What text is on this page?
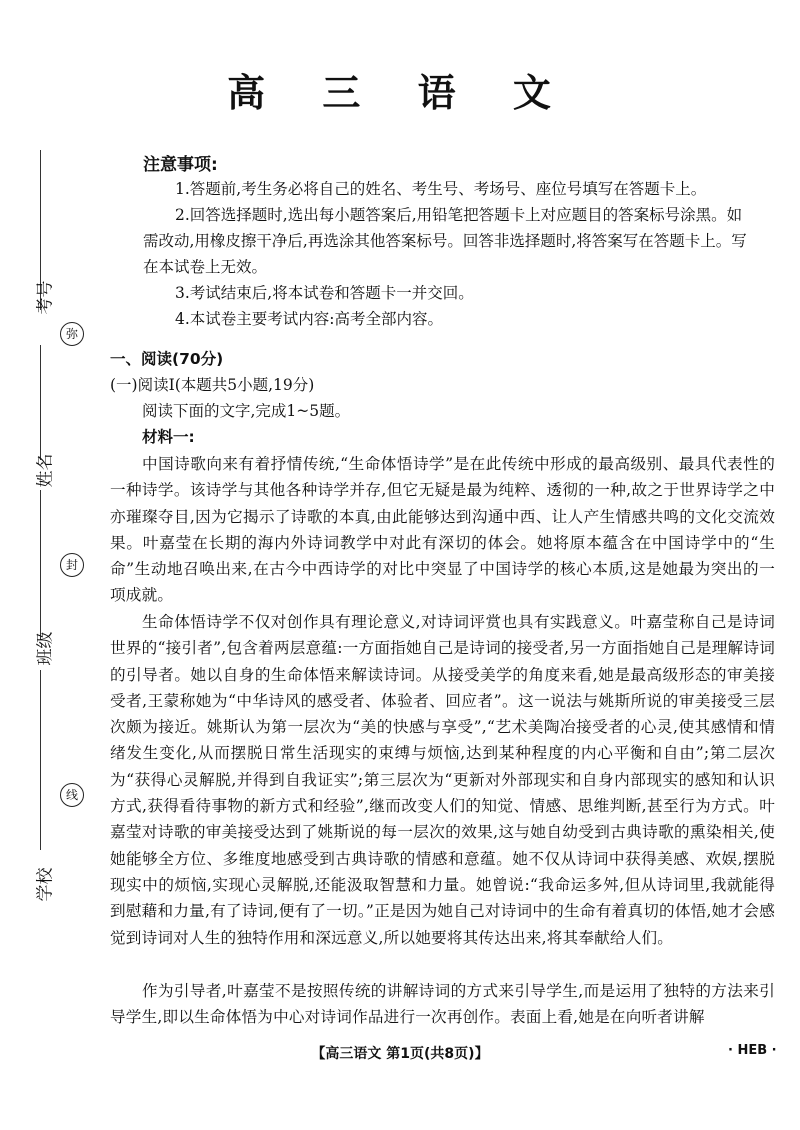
考号
弥
姓名
封
班级
线
学校
高 三 语 文
注意事项:
1.答题前,考生务必将自己的姓名、考生号、考场号、座位号填写在答题卡上。
2.回答选择题时,选出每小题答案后,用铅笔把答题卡上对应题目的答案标号涂黑。如需改动,用橡皮擦干净后,再选涂其他答案标号。回答非选择题时,将答案写在答题卡上。写在本试卷上无效。
3.考试结束后,将本试卷和答题卡一并交回。
4.本试卷主要考试内容:高考全部内容。
一、阅读(70分)
(一)阅读Ⅰ(本题共5小题,19分)
阅读下面的文字,完成1~5题。
材料一:
中国诗歌向来有着抒情传统,“生命体悟诗学”是在此传统中形成的最高级别、最具代表性的一种诗学。该诗学与其他各种诗学并存,但它无疑是最为纯粹、透彻的一种,故之于世界诗学之中亦璀璨夺目,因为它揭示了诗歌的本真,由此能够达到沟通中西、让人产生情感共鸣的文化交流效果。叶嘉莹在长期的海内外诗词教学中对此有深切的体会。她将原本蕴含在中国诗学中的“生命”生动地召唤出来,在古今中西诗学的对比中突显了中国诗学的核心本质,这是她最为突出的一项成就。
生命体悟诗学不仅对创作具有理论意义,对诗词评赏也具有实践意义。叶嘉莹称自己是诗词世界的“接引者”,包含着两层意蕴:一方面指她自己是诗词的接受者,另一方面指她自己是理解诗词的引导者。她以自身的生命体悟来解读诗词。从接受美学的角度来看,她是最高级形态的审美接受者,王蒙称她为“中华诗风的感受者、体验者、回应者”。这一说法与姚斯所说的审美接受三层次颇为接近。姚斯认为第一层次为“美的快感与享受”,“艺术美陶冶接受者的心灵,使其感情和情绪发生变化,从而摆脱日常生活现实的束缚与烦恼,达到某种程度的内心平衡和自由”;第二层次为“获得心灵解脱,并得到自我证实”;第三层次为“更新对外部现实和自身内部现实的感知和认识方式,获得看待事物的新方式和经验”,继而改变人们的知觉、情感、思维判断,甚至行为方式。叶嘉莹对诗歌的审美接受达到了姚斯说的每一层次的效果,这与她自幼受到古典诗歌的熏染相关,使她能够全方位、多维度地感受到古典诗歌的情感和意蕴。她不仅从诗词中获得美感、欢娱,摆脱现实中的烦恼,实现心灵解脱,还能汲取智慧和力量。她曾说:“我命运多舛,但从诗词里,我就能得到慰藉和力量,有了诗词,便有了一切。”正是因为她自己对诗词中的生命有着真切的体悟,她才会感觉到诗词对人生的独特作用和深远意义,所以她要将其传达出来,将其奉献给人们。
作为引导者,叶嘉莹不是按照传统的讲解诗词的方式来引导学生,而是运用了独特的方法来引导学生,即以生命体悟为中心对诗词作品进行一次再创作。表面上看,她是在向听者讲解
【高三语文 第1页(共8页)】	· HEB ·
